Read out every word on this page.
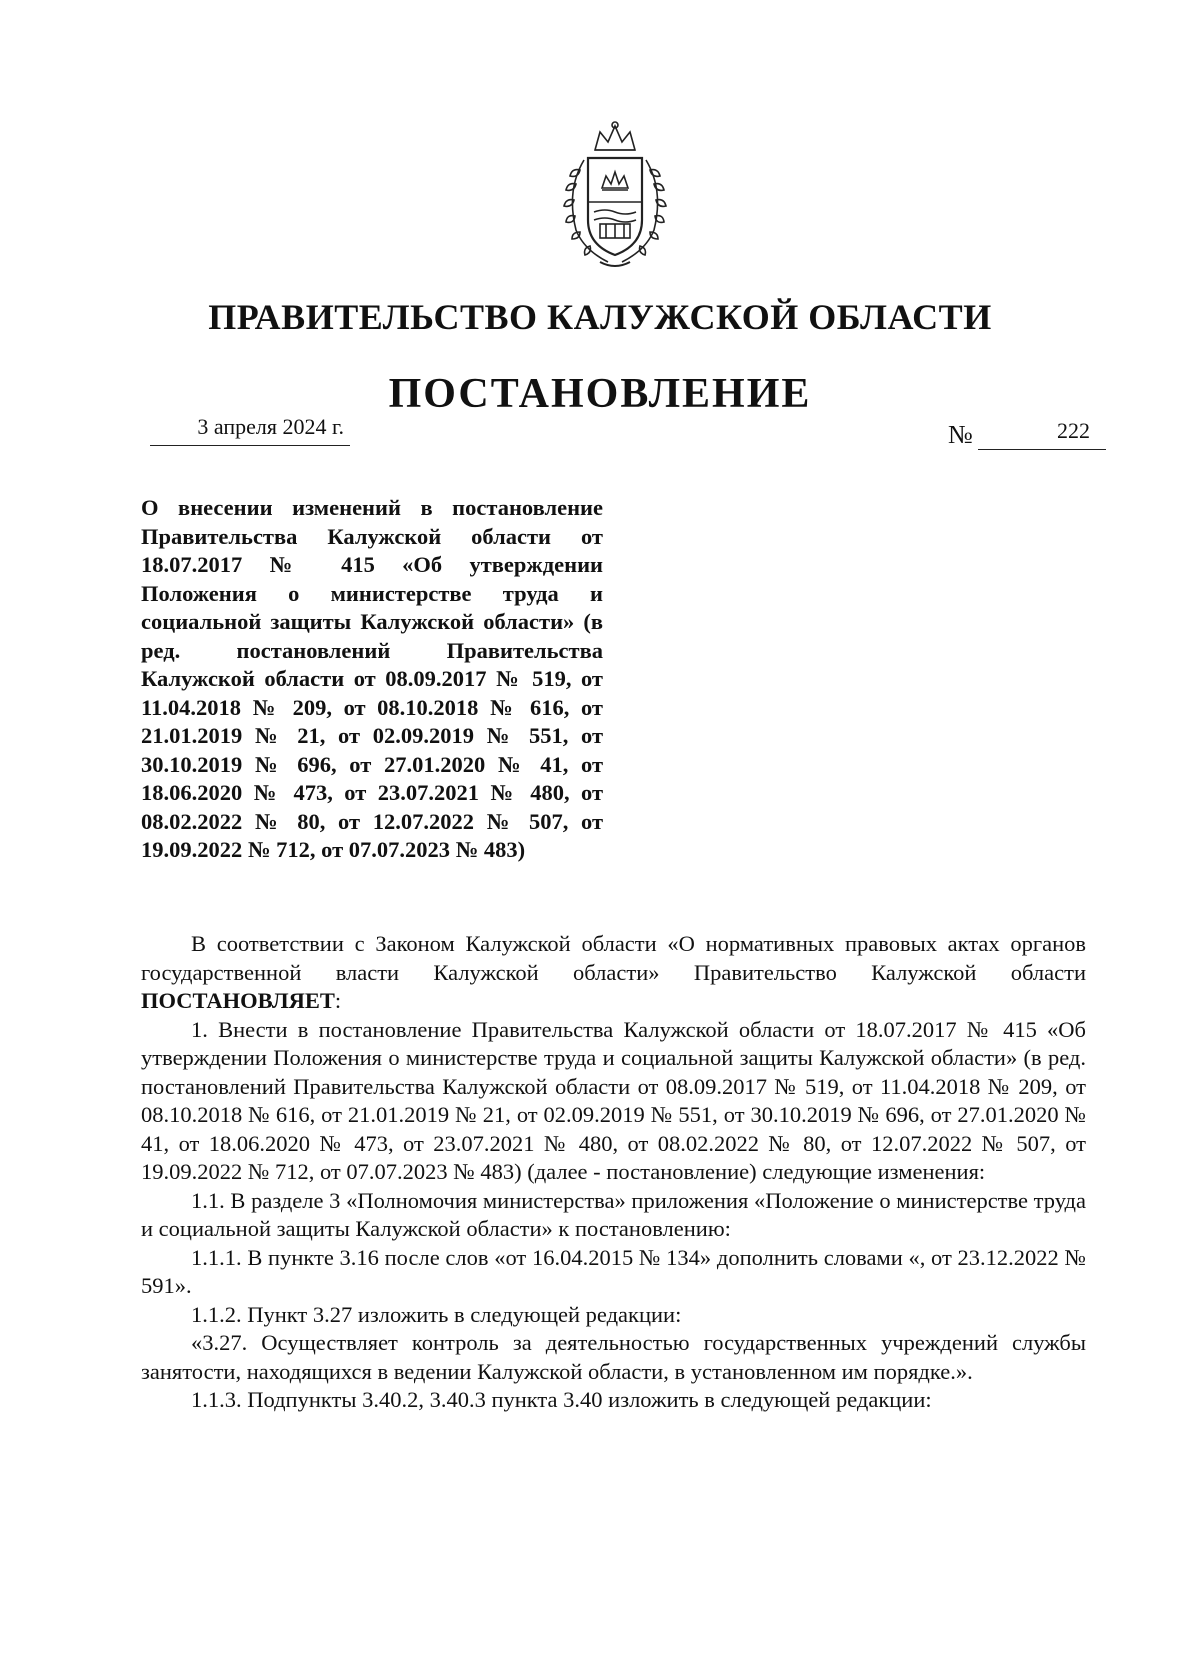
ПРАВИТЕЛЬСТВО КАЛУЖСКОЙ ОБЛАСТИ
ПОСТАНОВЛЕНИЕ
3 апреля 2024 г.	№	222
О внесении изменений в постановление Правительства Калужской области от 18.07.2017 № 415 «Об утверждении Положения о министерстве труда и социальной защиты Калужской области» (в ред. постановлений Правительства Калужской области от 08.09.2017 № 519, от 11.04.2018 № 209, от 08.10.2018 № 616, от 21.01.2019 № 21, от 02.09.2019 № 551, от 30.10.2019 № 696, от 27.01.2020 № 41, от 18.06.2020 № 473, от 23.07.2021 № 480, от 08.02.2022 № 80, от 12.07.2022 № 507, от 19.09.2022 № 712, от 07.07.2023 № 483)

В соответствии с Законом Калужской области «О нормативных правовых актах органов государственной власти Калужской области» Правительство Калужской области ПОСТАНОВЛЯЕТ:

1. Внести в постановление Правительства Калужской области от 18.07.2017 № 415 «Об утверждении Положения о министерстве труда и социальной защиты Калужской области» (в ред. постановлений Правительства Калужской области от 08.09.2017 № 519, от 11.04.2018 № 209, от 08.10.2018 № 616, от 21.01.2019 № 21, от 02.09.2019 № 551, от 30.10.2019 № 696, от 27.01.2020 № 41, от 18.06.2020 № 473, от 23.07.2021 № 480, от 08.02.2022 № 80, от 12.07.2022 № 507, от 19.09.2022 № 712, от 07.07.2023 № 483) (далее - постановление) следующие изменения:

1.1. В разделе 3 «Полномочия министерства» приложения «Положение о министерстве труда и социальной защиты Калужской области» к постановлению:

1.1.1. В пункте 3.16 после слов «от 16.04.2015 № 134» дополнить словами «, от 23.12.2022 № 591».

1.1.2. Пункт 3.27 изложить в следующей редакции:

«3.27. Осуществляет контроль за деятельностью государственных учреждений службы занятости, находящихся в ведении Калужской области, в установленном им порядке.».

1.1.3. Подпункты 3.40.2, 3.40.3 пункта 3.40 изложить в следующей редакции:
